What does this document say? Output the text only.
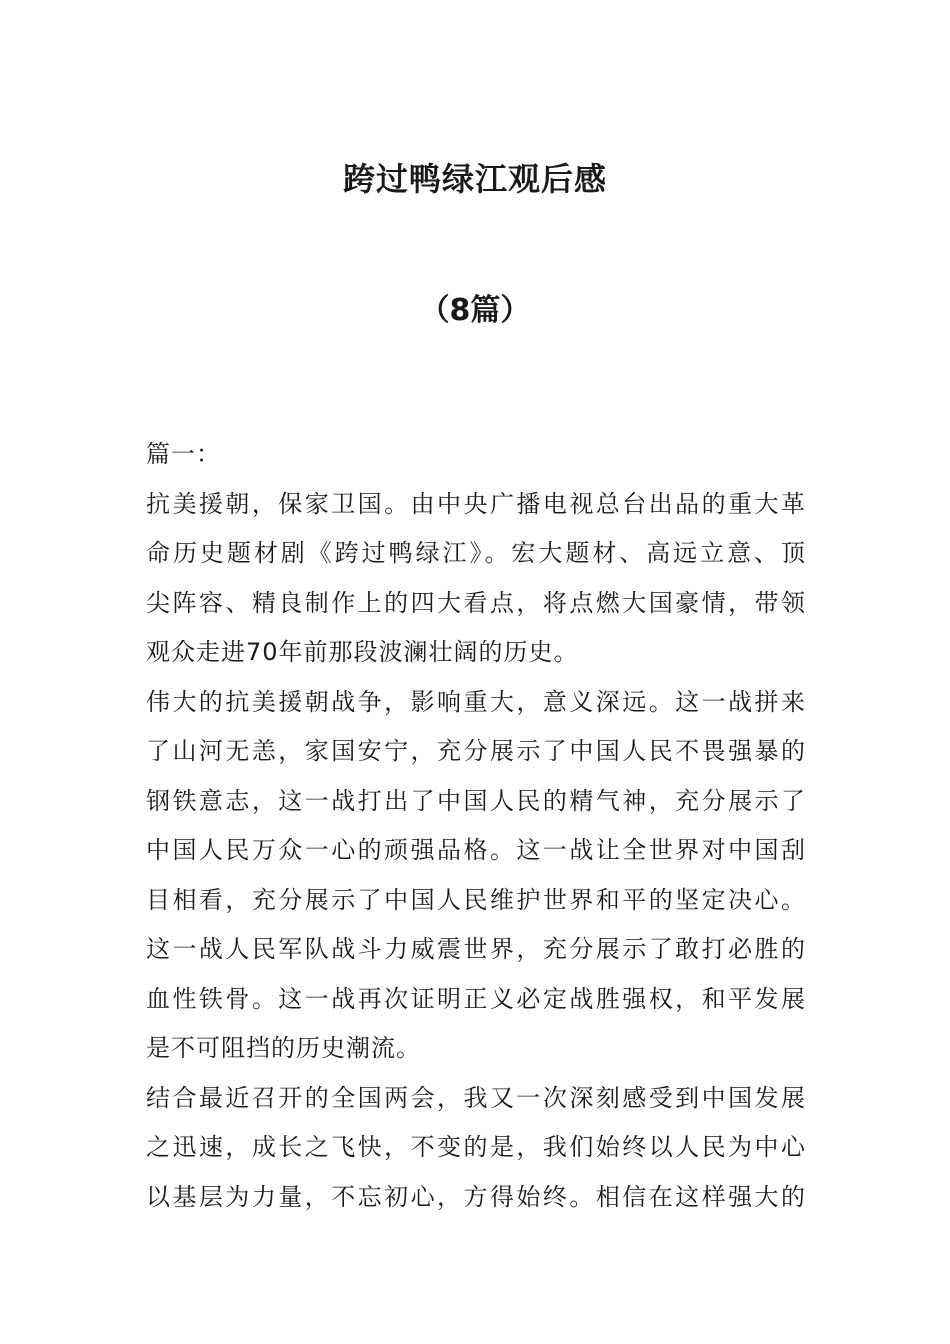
跨过鸭绿江观后感
（8篇）
篇一：
抗美援朝，保家卫国。由中央广播电视总台出品的重大革
命历史题材剧《跨过鸭绿江》。宏大题材、高远立意、顶
尖阵容、精良制作上的四大看点，将点燃大国豪情，带领
观众走进70年前那段波澜壮阔的历史。
伟大的抗美援朝战争，影响重大，意义深远。这一战拼来
了山河无恙，家国安宁，充分展示了中国人民不畏强暴的
钢铁意志，这一战打出了中国人民的精气神，充分展示了
中国人民万众一心的顽强品格。这一战让全世界对中国刮
目相看，充分展示了中国人民维护世界和平的坚定决心。
这一战人民军队战斗力威震世界，充分展示了敢打必胜的
血性铁骨。这一战再次证明正义必定战胜强权，和平发展
是不可阻挡的历史潮流。
结合最近召开的全国两会，我又一次深刻感受到中国发展
之迅速，成长之飞快，不变的是，我们始终以人民为中心
以基层为力量，不忘初心，方得始终。相信在这样强大的
